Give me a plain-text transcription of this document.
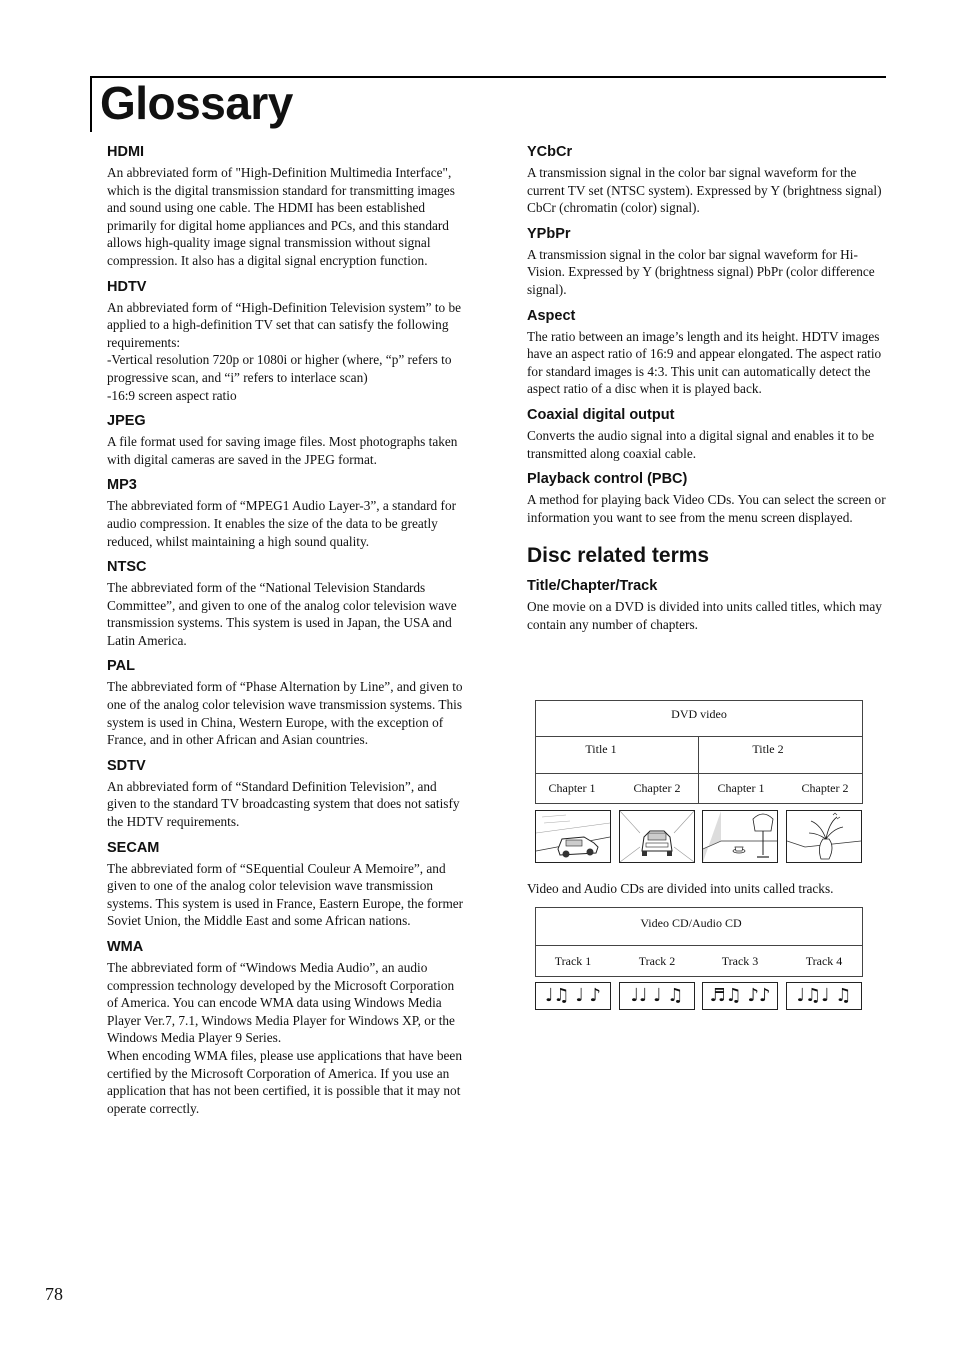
Glossary
HDMI

An abbreviated form of "High-Definition Multimedia Interface", which is the digital transmission standard for transmitting images and sound using one cable. The HDMI has been established primarily for digital home appliances and PCs, and this standard allows high-quality image signal transmission without signal compression. It also has a digital signal encryption function.

HDTV

An abbreviated form of “High-Definition Television system” to be applied to a high-definition TV set that can satisfy the following requirements:
-Vertical resolution 720p or 1080i or higher (where, “p” refers to progressive scan, and “i” refers to interlace scan)
-16:9 screen aspect ratio

JPEG

A file format used for saving image files. Most photographs taken with digital cameras are saved in the JPEG format.

MP3

The abbreviated form of “MPEG1 Audio Layer-3”, a standard for audio compression. It enables the size of the data to be greatly reduced, whilst maintaining a high sound quality.

NTSC

The abbreviated form of the “National Television Standards Committee”, and given to one of the analog color television wave transmission systems. This system is used in Japan, the USA and Latin America.

PAL

The abbreviated form of “Phase Alternation by Line”, and given to one of the analog color television wave transmission systems. This system is used in China, Western Europe, with the exception of France, and in other African and Asian countries.

SDTV

An abbreviated form of “Standard Definition Television”, and given to the standard TV broadcasting system that does not satisfy the HDTV requirements.

SECAM

The abbreviated form of “SEquential Couleur A Memoire”, and given to one of the analog color television wave transmission systems. This system is used in France, Eastern Europe, the former Soviet Union, the Middle East and some African nations.

WMA

The abbreviated form of “Windows Media Audio”, an audio compression technology developed by the Microsoft Corporation of America. You can encode WMA data using Windows Media Player Ver.7, 7.1, Windows Media Player for Windows XP, or the Windows Media Player 9 Series.
When encoding WMA files, please use applications that have been certified by the Microsoft Corporation of America. If you use an application that has not been certified, it is possible that it may not operate correctly.

YCbCr

A transmission signal in the color bar signal waveform for the current TV set (NTSC system). Expressed by Y (brightness signal) CbCr (chromatin (color) signal).

YPbPr

A transmission signal in the color bar signal waveform for Hi-Vision. Expressed by Y (brightness signal) PbPr (color difference signal).

Aspect

The ratio between an image’s length and its height. HDTV images have an aspect ratio of 16:9 and appear elongated. The aspect ratio for standard images is 4:3. This unit can automatically detect the aspect ratio of a disc when it is played back.

Coaxial digital output

Converts the audio signal into a digital signal and enables it to be transmitted along coaxial cable.

Playback control (PBC)

A method for playing back Video CDs. You can select the screen or information you want to see from the menu screen displayed.

Disc related terms
Title/Chapter/Track

One movie on a DVD is divided into units called titles, which may contain any number of chapters.

DVD video
Title 1	Title 2
Chapter 1	Chapter 2	Chapter 1	Chapter 2

Video and Audio CDs are divided into units called tracks.

Video CD/Audio CD
Track 1	Track 2	Track 3	Track 4
♩♫ ♩ ♪	♩♩ ♩ ♫	♬♫ ♪♪	♩♫♩ ♫
78
